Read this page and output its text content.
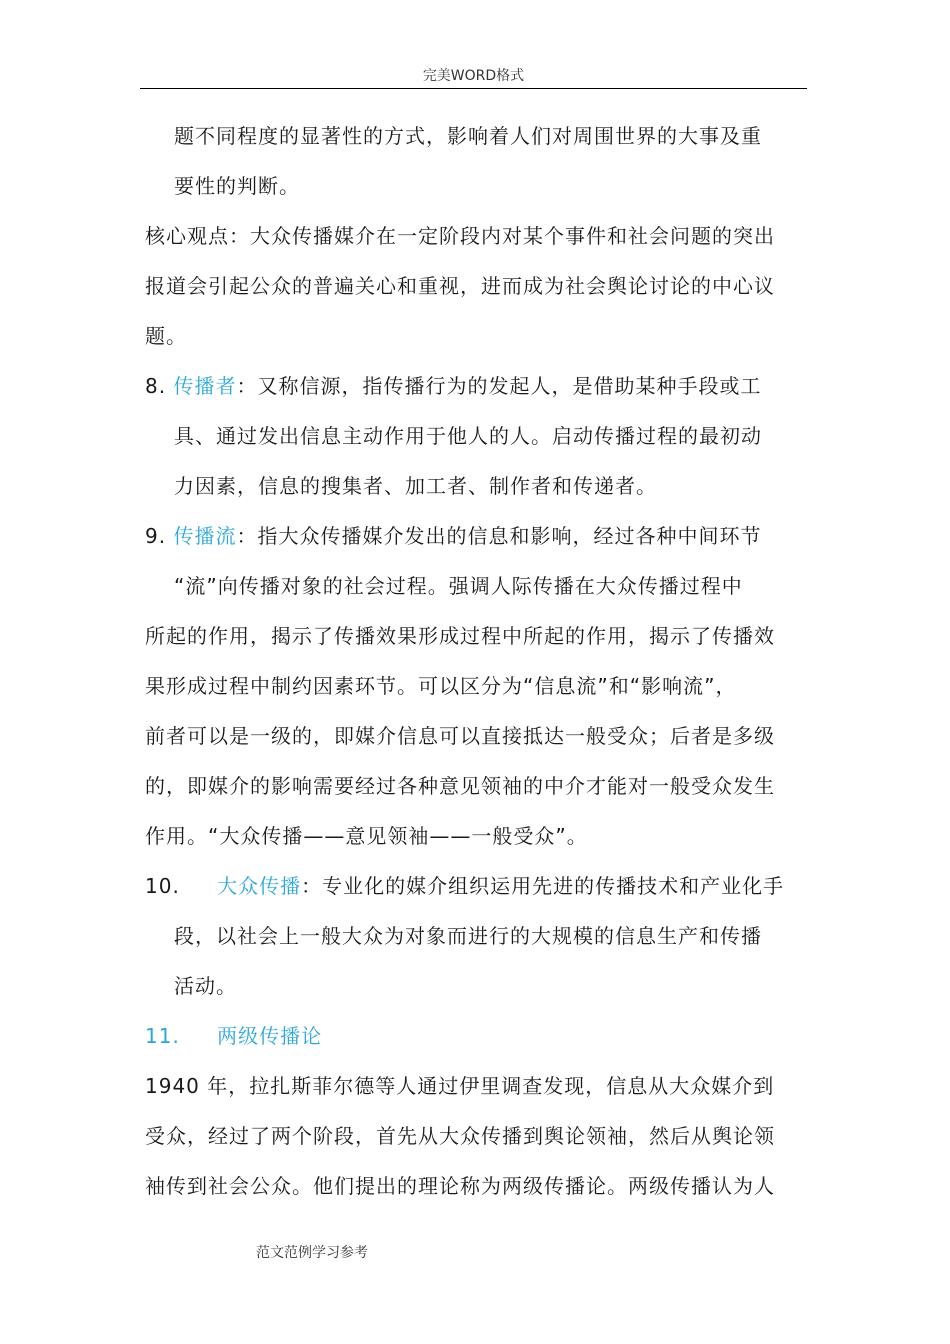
完美WORD格式
题不同程度的显著性的方式，影响着人们对周围世界的大事及重
要性的判断。
核心观点：大众传播媒介在一定阶段内对某个事件和社会问题的突出
报道会引起公众的普遍关心和重视，进而成为社会舆论讨论的中心议
题。
8. 传播者：又称信源，指传播行为的发起人，是借助某种手段或工
具、通过发出信息主动作用于他人的人。启动传播过程的最初动
力因素，信息的搜集者、加工者、制作者和传递者。
9. 传播流：指大众传播媒介发出的信息和影响，经过各种中间环节
“流”向传播对象的社会过程。强调人际传播在大众传播过程中
所起的作用，揭示了传播效果形成过程中所起的作用，揭示了传播效
果形成过程中制约因素环节。可以区分为“信息流”和“影响流”，
前者可以是一级的，即媒介信息可以直接抵达一般受众；后者是多级
的，即媒介的影响需要经过各种意见领袖的中介才能对一般受众发生
作用。“大众传播——意见领袖——一般受众”。
10. 大众传播：专业化的媒介组织运用先进的传播技术和产业化手
段，以社会上一般大众为对象而进行的大规模的信息生产和传播
活动。
11. 两级传播论
1940 年，拉扎斯菲尔德等人通过伊里调查发现，信息从大众媒介到
受众，经过了两个阶段，首先从大众传播到舆论领袖，然后从舆论领
袖传到社会公众。他们提出的理论称为两级传播论。两级传播认为人
范文范例学习参考
